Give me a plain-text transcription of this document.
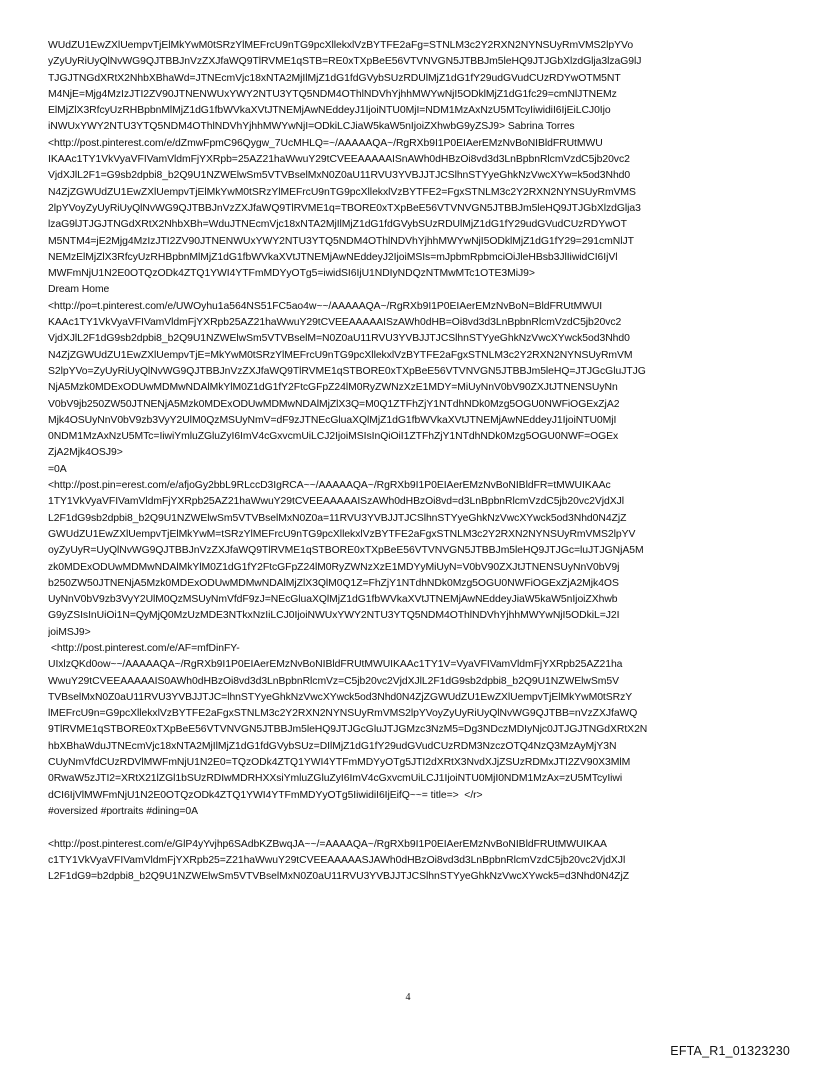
WUdZU1EwZXlUempvTjElMkYwM0tSRzYlMEFrcU9nTG9pcXllekxlVzBYTFE2aFg=STNLM3c2Y2RXN2NYNSUyRmVMS2lpYVo
yZyUyRiUyQlNvWG9QJTBBJnVzZXJfaWQ9TlRVME1qSTB=RE0xTXpBeE56VTVNVGN5JTBBJm5leHQ9JTJGbXlzdGlja3lzaG9lJ
TJGJTNGdXRtX2NhbXBhaWd=JTNEcmVjc18xNTA2MjIlMjZ1dG1fdGVybSUzRDUlMjZ1dG1fY29udGVudCUzRDYwOTM5NT
M4NjE=Mjg4MzIzJTI2ZV90JTNENWUxYWY2NTU3YTQ5NDM4OThlNDVhYjhhMWYwNjI5ODklMjZ1dG1fc29=cmNlJTNEMz
ElMjZlX3RfcyUzRHBpbnMlMjZ1dG1fbWVkaXVtJTNEMjAwNEddeyJ1IjoiNTU0MjI=NDM1MzAxNzU5MTcyIiwidiI6IjEiLCJ0Ijo
iNWUxYWY2NTU3YTQ5NDM4OThlNDVhYjhhMWYwNjI=ODkiLCJiaW5kaW5nIjoiZXhwbG9yZSJ9> Sabrina Torres
<http://post.pinterest.com/e/dZmwFpmC96Qygw_7UcMHLQ=~/AAAAAQA~/RgRXb9I1P0EIAerEMzNvBoNIBldFRUtMWU
IKAAc1TY1VkVyaVFIVamVldmFjYXRpb=25AZ21haWwuY29tCVEEAAAAAISnAWh0dHBzOi8vd3d3LnBpbnRlcmVzdC5jb20vc2
VjdXJlL2F1=G9sb2dpbi8_b2Q9U1NZWElwSm5VTVBselMxN0Z0aU11RVU3YVBJJTJCSlhnSTYyeGhkNzVwcXYw=k5od3Nhd0
N4ZjZGWUdZU1EwZXlUempvTjElMkYwM0tSRzYlMEFrcU9nTG9pcXllekxlVzBYTFE2=FgxSTNLM3c2Y2RXN2NYNSUyRmVMS
2lpYVoyZyUyRiUyQlNvWG9QJTBBJnVzZXJfaWQ9TlRVME1q=TBORE0xTXpBeE56VTVNVGN5JTBBJm5leHQ9JTJGbXlzdGlja3
lzaG9lJTJGJTNGdXRtX2NhbXBh=WduJTNEcmVjc18xNTA2MjIlMjZ1dG1fdGVybSUzRDUlMjZ1dG1fY29udGVudCUzRDYwOT
M5NTM4=jE2Mjg4MzIzJTI2ZV90JTNENWUxYWY2NTU3YTQ5NDM4OThlNDVhYjhhMWYwNjI5ODklMjZ1dG1fY29=291cmNlJT
NEMzElMjZlX3RfcyUzRHBpbnMlMjZ1dG1fbWVkaXVtJTNEMjAwNEddeyJ2IjoiMSIs=mJpbmRpbmciOiJleHBsb3JlIiwidCI6IjVl
MWFmNjU1N2E0OTQzODk4ZTQ1YWI4YTFmMDYyOTg5=iwidSI6IjU1NDIyNDQzNTMwMTc1OTE3MiJ9>
Dream Home
<http://po=t.pinterest.com/e/UWOyhu1a564NS51FC5ao4w~~/AAAAAQA~/RgRXb9I1P0EIAerEMzNvBoN=BldFRUtMWUI
KAAc1TY1VkVyaVFIVamVldmFjYXRpb25AZ21haWwuY29tCVEEAAAAAISzAWh0dHB=Oi8vd3d3LnBpbnRlcmVzdC5jb20vc2
VjdXJlL2F1dG9sb2dpbi8_b2Q9U1NZWElwSm5VTVBselM=N0Z0aU11RVU3YVBJJTJCSlhnSTYyeGhkNzVwcXYwck5od3Nhd0
N4ZjZGWUdZU1EwZXlUempvTjE=MkYwM0tSRzYlMEFrcU9nTG9pcXllekxlVzBYTFE2aFgxSTNLM3c2Y2RXN2NYNSUyRmVM
S2lpYVo=ZyUyRiUyQlNvWG9QJTBBJnVzZXJfaWQ9TlRVME1qSTBORE0xTXpBeE56VTVNVGN5JTBBJm5leHQ=JTJGcGluJTJG
NjA5Mzk0MDExODUwMDMwNDAlMkYlM0Z1dG1fY2FtcGFpZ24lM0RyZWNzXzE1MDY=MiUyNnV0bV90ZXJtJTNENSUyNn
V0bV9jb250ZW50JTNENjA5Mzk0MDExODUwMDMwNDAlMjZlX3Q=M0Q1ZTFhZjY1NTdhNDk0Mzg5OGU0NWFiOGExZjA2
Mjk4OSUyNnV0bV9zb3VyY2UlM0QzMSUyNmV=dF9zJTNEcGluaXQlMjZ1dG1fbWVkaXVtJTNEMjAwNEddeyJ1IjoiNTU0MjI
0NDM1MzAxNzU5MTc=IiwiYmluZGluZyI6ImV4cGxvcmUiLCJ2IjoiMSIsInQiOiI1ZTFhZjY1NTdhNDk0Mzg5OGU0NWF=OGEx
ZjA2Mjk4OSJ9>
=0A
<http://post.pin=erest.com/e/afjoGy2bbL9RLccD3IgRCA~~/AAAAAQA~/RgRXb9I1P0EIAerEMzNvBoNIBldFR=tMWUIKAAc
1TY1VkVyaVFIVamVldmFjYXRpb25AZ21haWwuY29tCVEEAAAAAISzAWh0dHBzOi8vd=d3LnBpbnRlcmVzdC5jb20vc2VjdXJl
L2F1dG9sb2dpbi8_b2Q9U1NZWElwSm5VTVBselMxN0Z0a=11RVU3YVBJJTJCSlhnSTYyeGhkNzVwcXYwck5od3Nhd0N4ZjZ
GWUdZU1EwZXlUempvTjElMkYwM=tSRzYlMEFrcU9nTG9pcXllekxlVzBYTFE2aFgxSTNLM3c2Y2RXN2NYNSUyRmVMS2lpYV
oyZyUyR=UyQlNvWG9QJTBBJnVzZXJfaWQ9TlRVME1qSTBORE0xTXpBeE56VTVNVGN5JTBBJm5leHQ9JTJGc=luJTJGNjA5M
zk0MDExODUwMDMwNDAlMkYlM0Z1dG1fY2FtcGFpZ24lM0RyZWNzXzE1MDYyMiUyN=V0bV90ZXJtJTNENSUyNnV0bV9j
b250ZW50JTNENjA5Mzk0MDExODUwMDMwNDAlMjZlX3QlM0Q1Z=FhZjY1NTdhNDk0Mzg5OGU0NWFiOGExZjA2Mjk4OS
UyNnV0bV9zb3VyY2UlM0QzMSUyNmVfdF9zJ=NEcGluaXQlMjZ1dG1fbWVkaXVtJTNEMjAwNEddeyJiaW5kaW5nIjoiZXhwb
G9yZSIsInUiOi1N=QyMjQ0MzUzMDE3NTkxNzIiLCJ0IjoiNWUxYWY2NTU3YTQ5NDM4OThlNDVhYjhhMWYwNjI5ODkiL=J2I
joiMSJ9>
<http://post.pinterest.com/e/AF=mfDinFY-
UIxlzQKd0ow~~/AAAAAQA~/RgRXb9I1P0EIAerEMzNvBoNIBldFRUtMWUIKAAc1TY1V=VyaVFIVamVldmFjYXRpb25AZ21ha
WwuY29tCVEEAAAAAIS0AWh0dHBzOi8vd3d3LnBpbnRlcmVz=C5jb20vc2VjdXJlL2F1dG9sb2dpbi8_b2Q9U1NZWElwSm5V
TVBselMxN0Z0aU11RVU3YVBJJTJC=lhnSTYyeGhkNzVwcXYwck5od3Nhd0N4ZjZGWUdZU1EwZXlUempvTjElMkYwM0tSRzY
lMEFrcU9n=G9pcXllekxlVzBYTFE2aFgxSTNLM3c2Y2RXN2NYNSUyRmVMS2lpYVoyZyUyRiUyQlNvWG9QJTBB=nVzZXJfaWQ
9TlRVME1qSTBORE0xTXpBeE56VTVNVGN5JTBBJm5leHQ9JTJGcGluJTJGMzc3NzM5=Dg3NDczMDIyNjc0JTJGJTNGdXRtX2N
hbXBhaWduJTNEcmVjc18xNTA2MjIlMjZ1dG1fdGVybSUz=DIlMjZ1dG1fY29udGVudCUzRDM3NzczOTQ4NzQ3MzAyMjY3N
CUyNmVfdCUzRDVlMWFmNjU1N2E0=TQzODk4ZTQ1YWI4YTFmMDYyOTg5JTI2dXRtX3NvdXJjZSUzRDMxJTI2ZV90X3MlM
0RwaW5zJTI2=XRtX21lZGl1bSUzRDIwMDRHXXsiYmluZGluZyI6ImV4cGxvcmUiLCJ1IjoiNTU0MjI0NDM1MzAx=zU5MTcyIiwi
dCI6IjVlMWFmNjU1N2E0OTQzODk4ZTQ1YWI4YTFmMDYyOTg5IiwidiI6IjEifQ~~= title=>  </r>
#oversized #portraits #dining=0A
<http://post.pinterest.com/e/GlP4yYvjhp6SAdbKZBwqJA~~/=AAAAQA~/RgRXb9I1P0EIAerEMzNvBoNIBldFRUtMWUIKAA
c1TY1VkVyaVFIVamVldmFjYXRpb25=Z21haWwuY29tCVEEAAAAASJAWh0dHBzOi8vd3d3LnBpbnRlcmVzdC5jb20vc2VjdXJl
L2F1dG9=b2dpbi8_b2Q9U1NZWElwSm5VTVBselMxN0Z0aU11RVU3YVBJJTJCSlhnSTYyeGhkNzVwcXYwck5=d3Nhd0N4ZjZ
4
EFTA_R1_01323230
